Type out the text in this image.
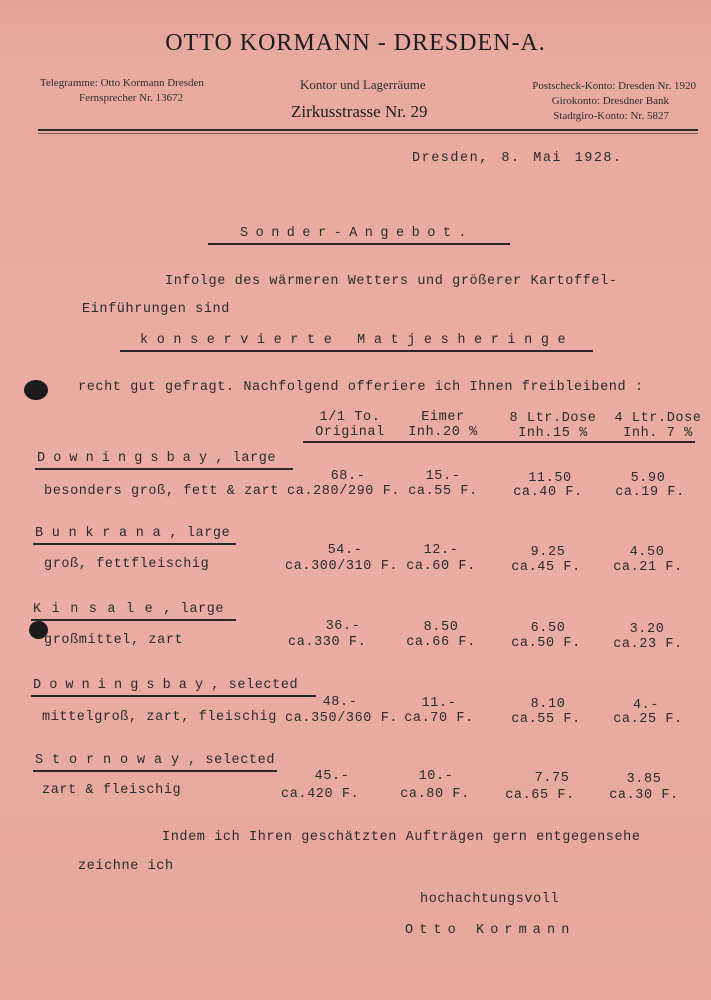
OTTO KORMANN - DRESDEN-A.
Telegramme: Otto Kormann Dresden
Fernsprecher Nr. 13672
Kontor und Lagerräume
Zirkusstrasse Nr. 29
Postscheck-Konto: Dresden Nr. 1920
Girokonto: Dresdner Bank
Stadtgiro-Konto: Nr. 5827
Dresden, 8. Mai 1928.
Sonder-Angebot.
Infolge des wärmeren Wetters und größerer Kartoffel-
Einführungen sind
konservierte Matjesheringe
recht gut gefragt. Nachfolgend offeriere ich Ihnen freibleibend :
1/1 To.
Original
Eimer
Inh.20 %
8 Ltr.Dose
Inh.15 %
4 Ltr.Dose
Inh. 7 %
Downingsbay, large
besonders groß, fett & zart
68.-	15.-	11.50	5.90
ca.280/290 F. ca.55 F.	ca.40 F.	ca.19 F.
Bunkrana, large
groß, fettfleischig
54.-	12.-	9.25	4.50
ca.300/310 F. ca.60 F.	ca.45 F.	ca.21 F.
Kinsale, large
großmittel, zart
36.-	8.50	6.50	3.20
ca.330 F.	ca.66 F.	ca.50 F.	ca.23 F.
Downingsbay, selected
mittelgroß, zart, fleischig
48.-	11.-	8.10	4.-
ca.350/360 F. ca.70 F.	ca.55 F.	ca.25 F.
Stornoway, selected
zart & fleischig
45.-	10.-	7.75	3.85
ca.420 F.	ca.80 F.	ca.65 F.	ca.30 F.
Indem ich Ihren geschätzten Aufträgen gern entgegensehe
zeichne ich
hochachtungsvoll
Otto Kormann
